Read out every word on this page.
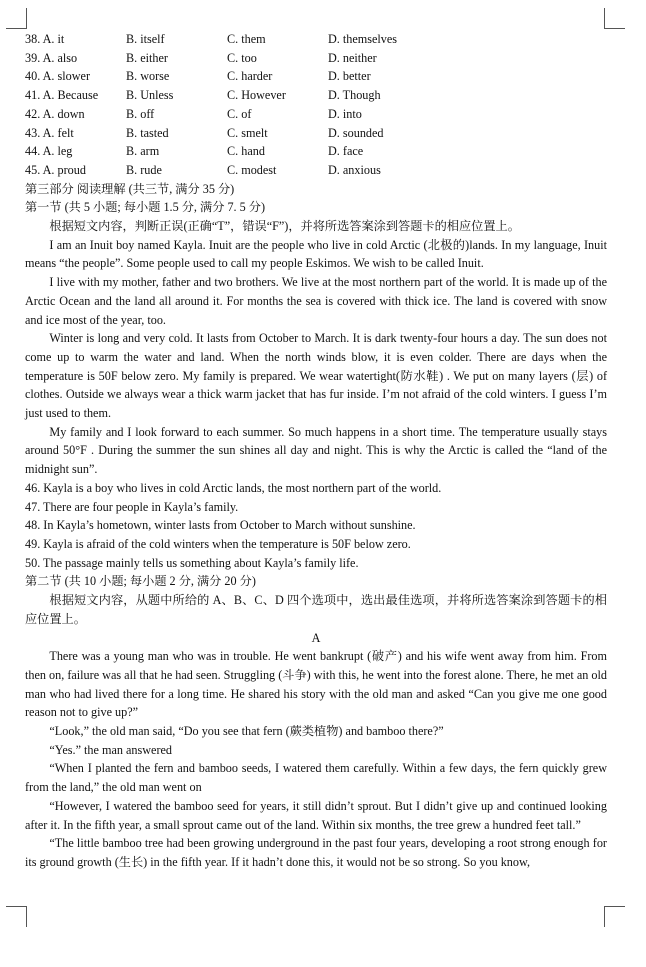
38. A. it	B. itself	C. them	D. themselves
39. A. also	B. either	C. too	D. neither
40. A. slower	B. worse	C. harder	D. better
41. A. Because	B. Unless	C. However	D. Though
42. A. down	B. off	C. of	D. into
43. A. felt	B. tasted	C. smelt	D. sounded
44. A. leg	B. arm	C. hand	D. face
45. A. proud	B. rude	C. modest	D. anxious
第三部分 阅读理解 (共三节, 满分 35 分)
第一节 (共 5 小题; 每小题 1.5 分, 满分 7. 5 分)
根据短文内容，判断正误(正确“T”，错误“F”)，并将所选答案涂到答题卡的相应位置上。
I am an Inuit boy named Kayla. Inuit are the people who live in cold Arctic (北极的)lands. In my language, Inuit means “the people”. Some people used to call my people Eskimos. We wish to be called Inuit.
I live with my mother, father and two brothers. We live at the most northern part of the world. It is made up of the Arctic Ocean and the land all around it. For months the sea is covered with thick ice. The land is covered with snow and ice most of the year, too.
Winter is long and very cold. It lasts from October to March. It is dark twenty-four hours a day. The sun does not come up to warm the water and land. When the north winds blow, it is even colder. There are days when the temperature is 50F below zero. My family is prepared. We wear watertight(防水鞋) . We put on many layers (层) of clothes. Outside we always wear a thick warm jacket that has fur inside. I’m not afraid of the cold winters. I guess I’m just used to them.
My family and I look forward to each summer. So much happens in a short time. The temperature usually stays around 50°F . During the summer the sun shines all day and night. This is why the Arctic is called the “land of the midnight sun”.
46. Kayla is a boy who lives in cold Arctic lands, the most northern part of the world.
47. There are four people in Kayla’s family.
48. In Kayla’s hometown, winter lasts from October to March without sunshine.
49. Kayla is afraid of the cold winters when the temperature is 50F below zero.
50. The passage mainly tells us something about Kayla’s family life.
第二节 (共 10 小题; 每小题 2 分, 满分 20 分)
根据短文内容，从题中所给的 A、B、C、D 四个选项中，选出最佳选项，并将所选答案涂到答题卡的相应位置上。
A
There was a young man who was in trouble. He went bankrupt (破产) and his wife went away from him. From then on, failure was all that he had seen. Struggling (斗争) with this, he went into the forest alone. There, he met an old man who had lived there for a long time. He shared his story with the old man and asked “Can you give me one good reason not to give up?”
“Look,” the old man said, “Do you see that fern (蕨类植物) and bamboo there?”
“Yes.” the man answered
“When I planted the fern and bamboo seeds, I watered them carefully. Within a few days, the fern quickly grew from the land,” the old man went on
“However, I watered the bamboo seed for years, it still didn’t sprout. But I didn’t give up and continued looking after it. In the fifth year, a small sprout came out of the land. Within six months, the tree grew a hundred feet tall.”
“The little bamboo tree had been growing underground in the past four years, developing a root strong enough for its ground growth (生长) in the fifth year. If it hadn’t done this, it would not be so strong. So you know,
